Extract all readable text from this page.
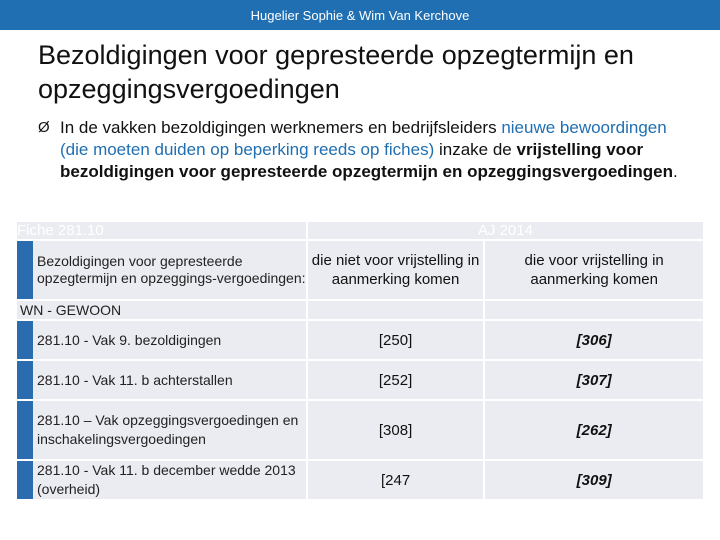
Hugelier Sophie & Wim Van Kerchove
Bezoldigingen voor gepresteerde opzegtermijn en opzeggingsvergoedingen
Ø In de vakken bezoldigingen werknemers en bedrijfsleiders nieuwe bewoordingen (die moeten duiden op beperking reeds op fiches) inzake de vrijstelling voor bezoldigingen voor gepresteerde opzegtermijn en opzeggingsvergoedingen.
Fiche 281.10	AJ 2014	
Bezoldigingen voor gepresteerde opzegtermijn en opzeggings-vergoedingen:	die niet voor vrijstelling in aanmerking komen	die voor vrijstelling in aanmerking komen
WN - GEWOON		
281.10 - Vak 9. bezoldigingen	[250]	[306]
281.10 - Vak 11. b achterstallen	[252]	[307]
281.10 – Vak opzeggingsvergoedingen en inschakelingsvergoedingen	[308]	[262]
281.10 - Vak 11. b december wedde 2013 (overheid)	[247	[309]
